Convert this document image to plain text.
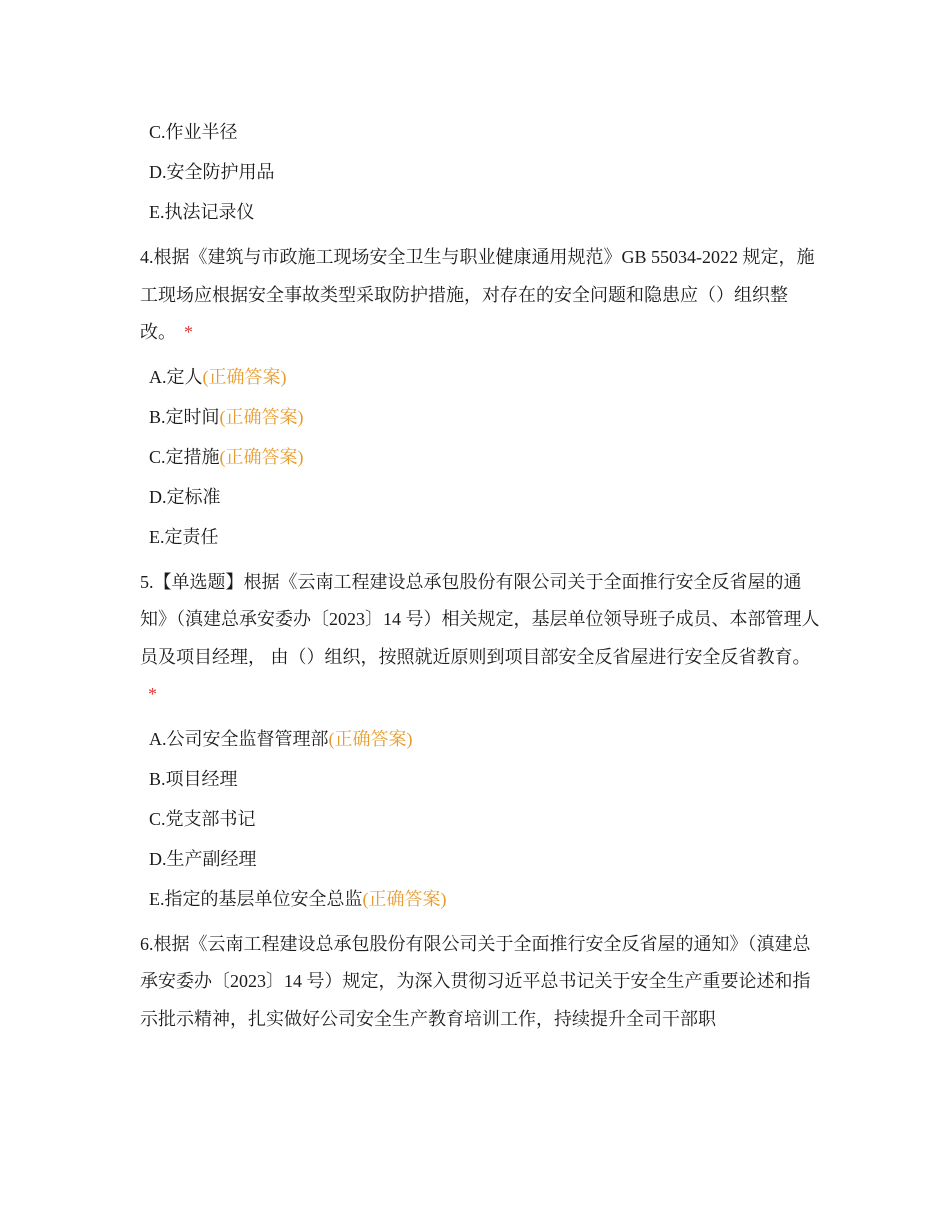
C.作业半径
D.安全防护用品
E.执法记录仪

4.根据《建筑与市政施工现场安全卫生与职业健康通用规范》GB 55034-2022 规定，施工现场应根据安全事故类型采取防护措施，对存在的安全问题和隐患应（）组织整改。 *

A.定人(正确答案)
B.定时间(正确答案)
C.定措施(正确答案)
D.定标准
E.定责任

5.【单选题】根据《云南工程建设总承包股份有限公司关于全面推行安全反省屋的通知》（滇建总承安委办〔2023〕14 号）相关规定，基层单位领导班子成员、本部管理人员及项目经理， 由（）组织，按照就近原则到项目部安全反省屋进行安全反省教育。*

A.公司安全监督管理部(正确答案)
B.项目经理
C.党支部书记
D.生产副经理
E.指定的基层单位安全总监(正确答案)

6.根据《云南工程建设总承包股份有限公司关于全面推行安全反省屋的通知》（滇建总承安委办〔2023〕14 号）规定，为深入贯彻习近平总书记关于安全生产重要论述和指示批示精神，扎实做好公司安全生产教育培训工作，持续提升全司干部职
